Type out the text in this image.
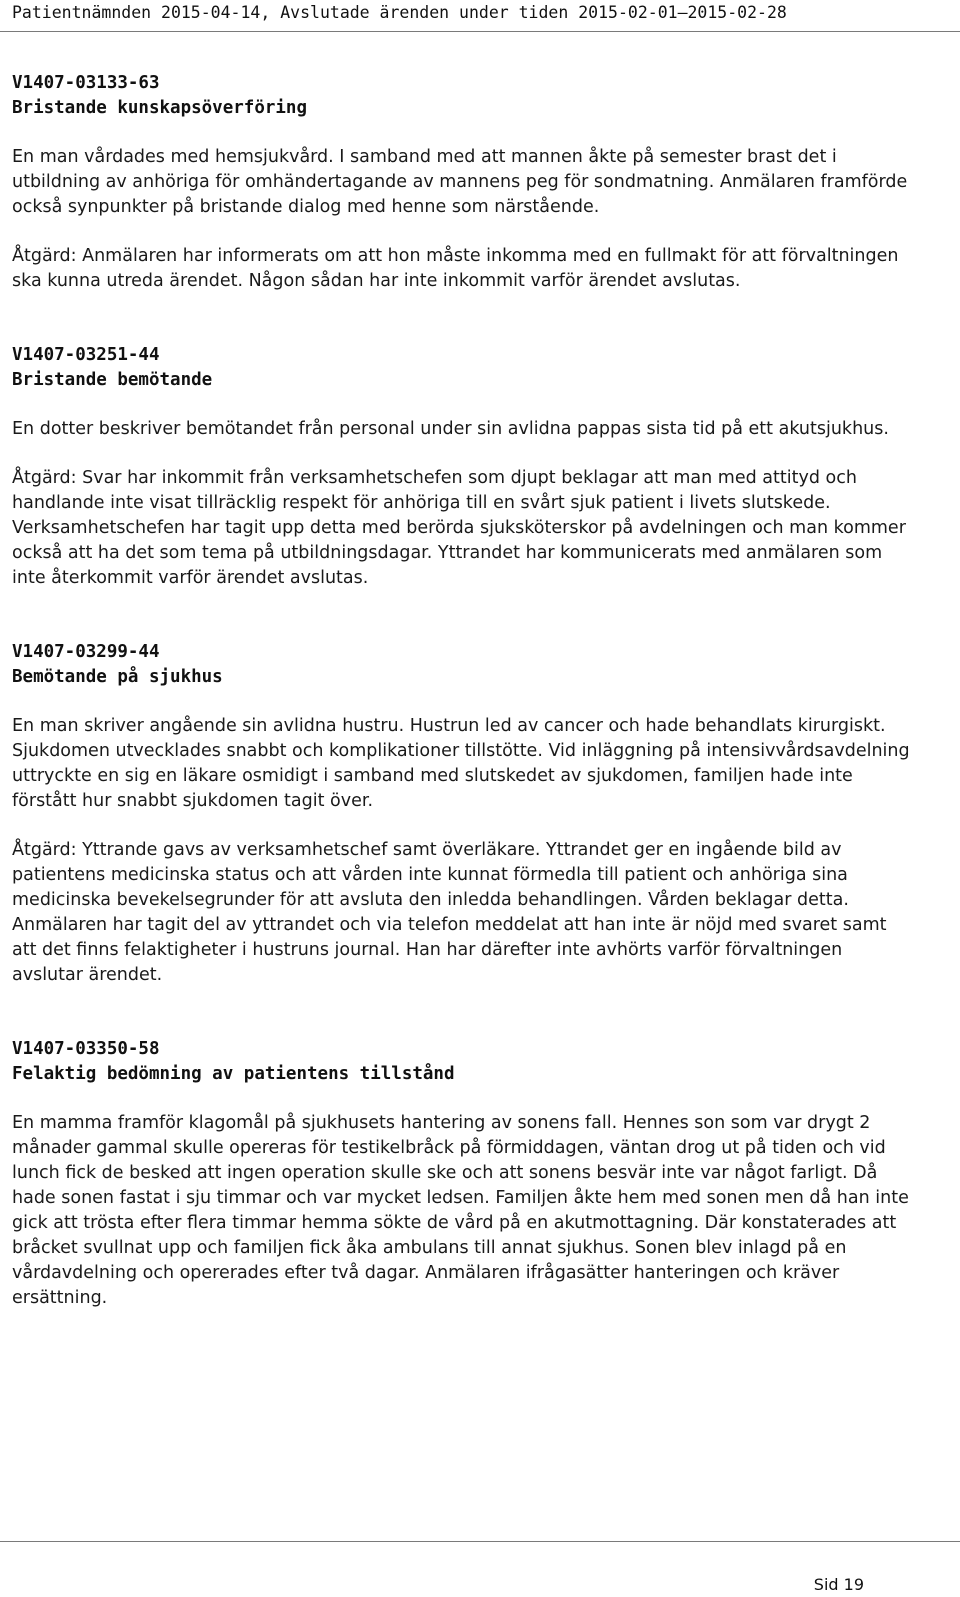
Patientnämnden 2015-04-14, Avslutade ärenden under tiden 2015-02-01—2015-02-28

V1407-03133-63

Bristande kunskapsöverföring

En man vårdades med hemsjukvård. I samband med att mannen åkte på semester brast det i utbildning av anhöriga för omhändertagande av mannens peg för sondmatning. Anmälaren framförde också synpunkter på bristande dialog med henne som närstående.

Åtgärd: Anmälaren har informerats om att hon måste inkomma med en fullmakt för att förvaltningen ska kunna utreda ärendet. Någon sådan har inte inkommit varför ärendet avslutas.

V1407-03251-44

Bristande bemötande

En dotter beskriver bemötandet från personal under sin avlidna pappas sista tid på ett akutsjukhus.

Åtgärd: Svar har inkommit från verksamhetschefen som djupt beklagar att man med attityd och handlande inte visat tillräcklig respekt för anhöriga till en svårt sjuk patient i livets slutskede. Verksamhetschefen har tagit upp detta med berörda sjuksköterskor på avdelningen och man kommer också att ha det som tema på utbildningsdagar. Yttrandet har kommunicerats med anmälaren som inte återkommit varför ärendet avslutas.

V1407-03299-44

Bemötande på sjukhus

En man skriver angående sin avlidna hustru. Hustrun led av cancer och hade behandlats kirurgiskt. Sjukdomen utvecklades snabbt och komplikationer tillstötte. Vid inläggning på intensivvårdsavdelning uttryckte en sig en läkare osmidigt i samband med slutskedet av sjukdomen, familjen hade inte förstått hur snabbt sjukdomen tagit över.

Åtgärd: Yttrande gavs av verksamhetschef samt överläkare. Yttrandet ger en ingående bild av patientens medicinska status och att vården inte kunnat förmedla till patient och anhöriga sina medicinska bevekelsegrunder för att avsluta den inledda behandlingen. Vården beklagar detta. Anmälaren har tagit del av yttrandet och via telefon meddelat att han inte är nöjd med svaret samt att det finns felaktigheter i hustruns journal. Han har därefter inte avhörts varför förvaltningen avslutar ärendet.

V1407-03350-58

Felaktig bedömning av patientens tillstånd

En mamma framför klagomål på sjukhusets hantering av sonens fall. Hennes son som var drygt 2 månader gammal skulle opereras för testikelbråck på förmiddagen, väntan drog ut på tiden och vid lunch fick de besked att ingen operation skulle ske och att sonens besvär inte var något farligt. Då hade sonen fastat i sju timmar och var mycket ledsen. Familjen åkte hem med sonen men då han inte gick att trösta efter flera timmar hemma sökte de vård på en akutmottagning. Där konstaterades att bråcket svullnat upp och familjen fick åka ambulans till annat sjukhus. Sonen blev inlagd på en vårdavdelning och opererades efter två dagar. Anmälaren ifrågasätter hanteringen och kräver ersättning.

Sid 19
